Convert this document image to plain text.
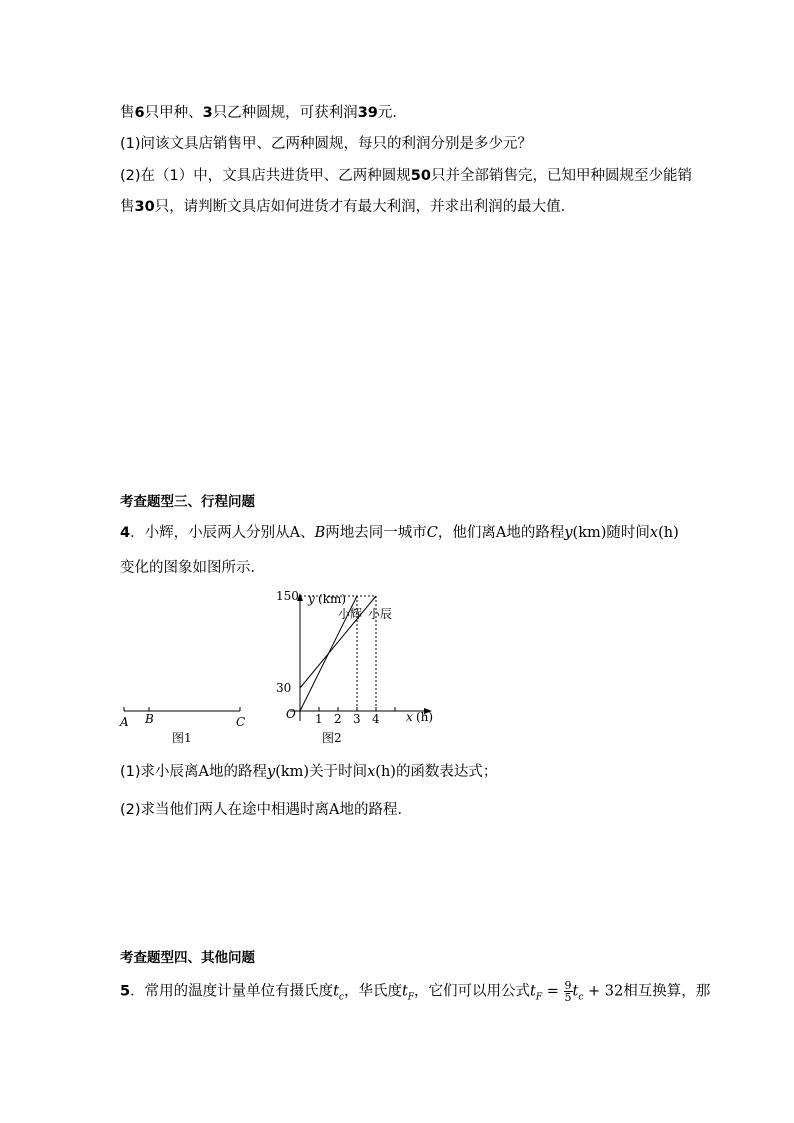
售6只甲种、3只乙种圆规，可获利润39元．
(1)问该文具店销售甲、乙两种圆规，每只的利润分别是多少元？
(2)在（1）中，文具店共进货甲、乙两种圆规50只并全部销售完，已知甲种圆规至少能销
售30只，请判断文具店如何进货才有最大利润，并求出利润的最大值．
考查题型三、行程问题
4．小辉，小辰两人分别从A、B两地去同一城市C，他们离A地的路程y(km)随时间x(h)
变化的图象如图所示．
A B	C
图1
y (km)
x (h)
O 1 2 3 4
30
150
小辉 小辰
图2
(1)求小辰离A地的路程y(km)关于时间x(h)的函数表达式；
(2)求当他们两人在途中相遇时离A地的路程．
考查题型四、其他问题
5．常用的温度计量单位有摄氏度$t_c$，华氏度$t_F$，它们可以用公式$t_F = \frac{9}{5} t_c + 32$相互换算，那
